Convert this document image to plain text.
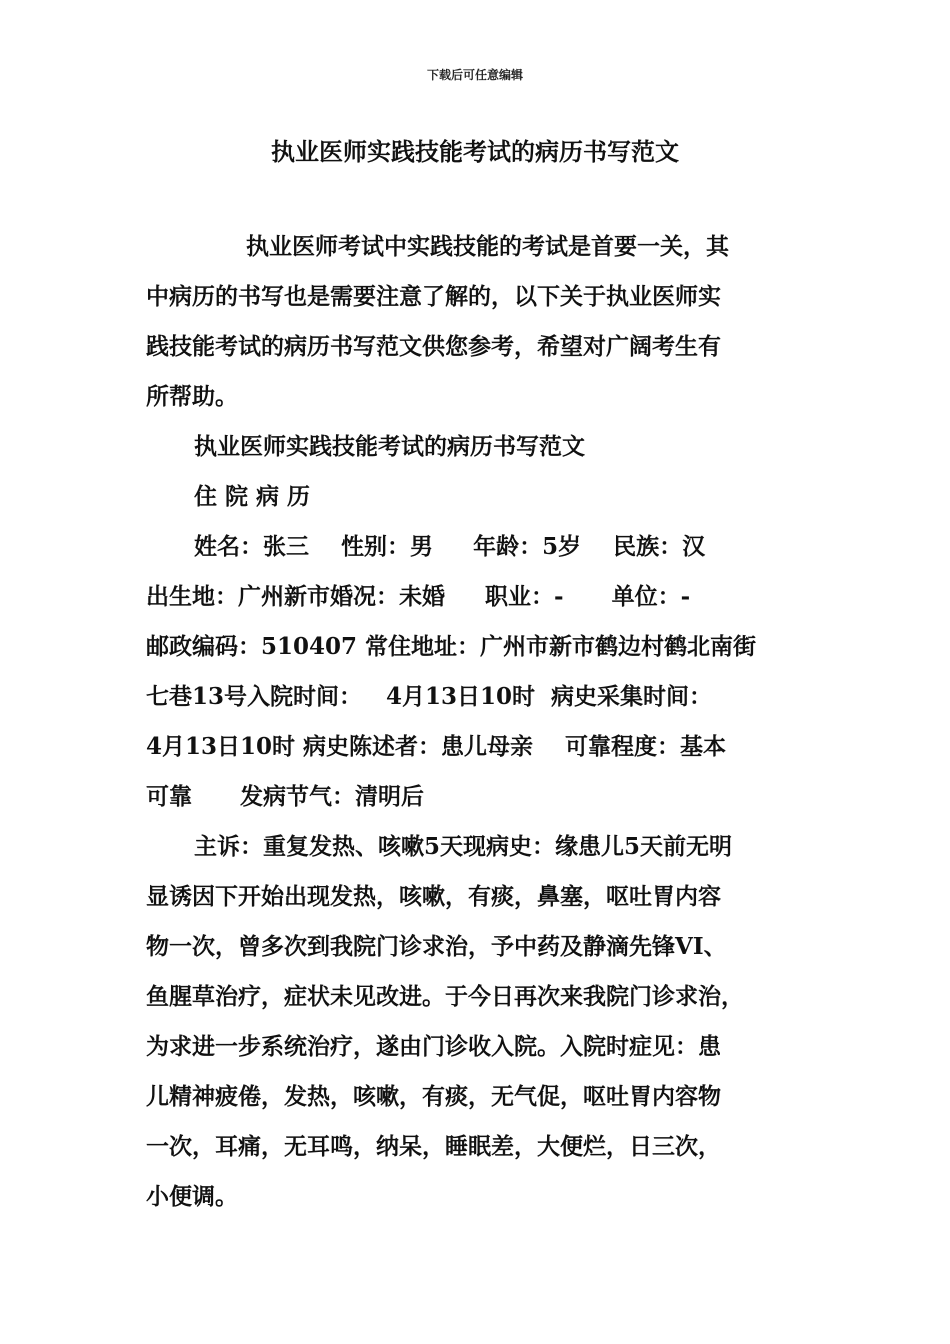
下载后可任意编辑
执业医师实践技能考试的病历书写范文
执业医师考试中实践技能的考试是首要一关，其
中病历的书写也是需要注意了解的，以下关于执业医师实
践技能考试的病历书写范文供您参考，希望对广阔考生有
所帮助。
执业医师实践技能考试的病历书写范文
住 院 病 历
姓名：张三    性别：男     年龄：5岁    民族：汉
出生地：广州新市婚况：未婚     职业：-      单位：-
邮政编码：510407 常住地址：广州市新市鹤边村鹤北南街
七巷13号入院时间：   4月13日10时  病史采集时间：
4月13日10时 病史陈述者：患儿母亲    可靠程度：基本
可靠      发病节气：清明后
主诉：重复发热、咳嗽5天现病史：缘患儿5天前无明
显诱因下开始出现发热，咳嗽，有痰，鼻塞，呕吐胃内容
物一次，曾多次到我院门诊求治，予中药及静滴先锋VI、
鱼腥草治疗，症状未见改进。于今日再次来我院门诊求治，
为求进一步系统治疗，遂由门诊收入院。入院时症见：患
儿精神疲倦，发热，咳嗽，有痰，无气促，呕吐胃内容物
一次，耳痛，无耳鸣，纳呆，睡眠差，大便烂，日三次，
小便调。
